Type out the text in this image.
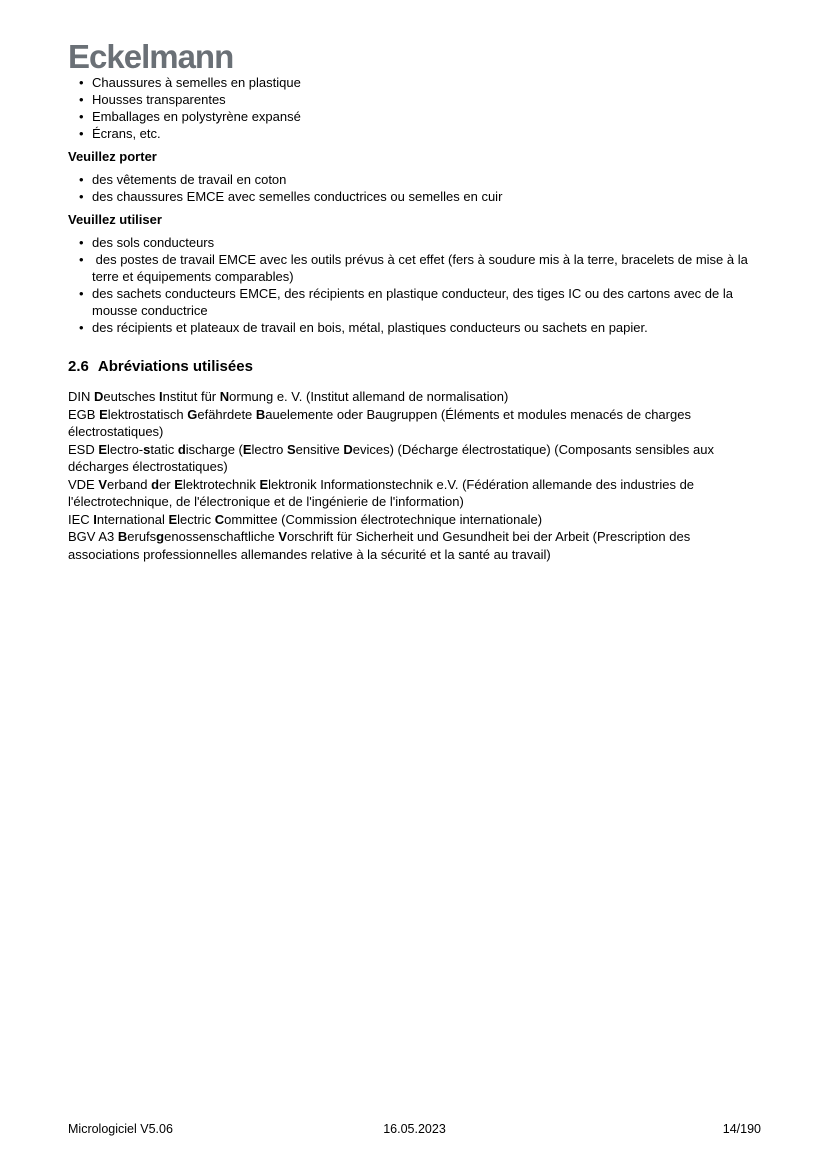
Eckelmann
• Chaussures à semelles en plastique
• Housses transparentes
• Emballages en polystyrène expansé
• Écrans, etc.

Veuillez porter

• des vêtements de travail en coton
• des chaussures EMCE avec semelles conductrices ou semelles en cuir

Veuillez utiliser

• des sols conducteurs
•  des postes de travail EMCE avec les outils prévus à cet effet (fers à soudure mis à la terre, bracelets de mise à la terre et équipements comparables)
• des sachets conducteurs EMCE, des récipients en plastique conducteur, des tiges IC ou des cartons avec de la mousse conductrice
• des récipients et plateaux de travail en bois, métal, plastiques conducteurs ou sachets en papier.
2.6 Abréviations utilisées
DIN Deutsches Institut für Normung e. V. (Institut allemand de normalisation)
EGB Elektrostatisch Gefährdete Bauelemente oder Baugruppen (Éléments et modules menacés de charges électrostatiques)
ESD Electro-static discharge (Electro Sensitive Devices) (Décharge électrostatique) (Composants sensibles aux décharges électrostatiques)
VDE Verband der Elektrotechnik Elektronik Informationstechnik e.V. (Fédération allemande des industries de l'électrotechnique, de l'électronique et de l'ingénierie de l'information)
IEC International Electric Committee (Commission électrotechnique internationale)
BGV A3 Berufsgenossenschaftliche Vorschrift für Sicherheit und Gesundheit bei der Arbeit (Prescription des associations professionnelles allemandes relative à la sécurité et la santé au travail)
Micrologiciel V5.06	16.05.2023	14/190
